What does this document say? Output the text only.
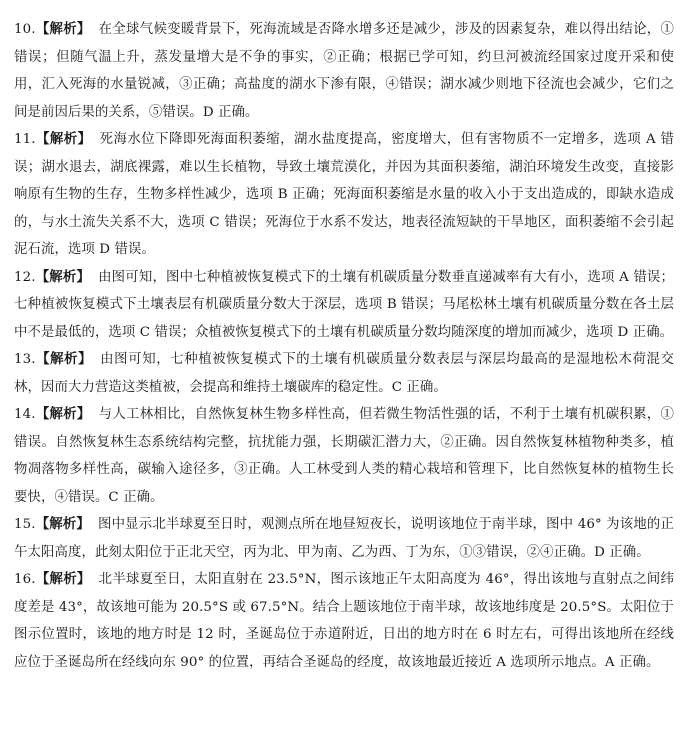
10.【解析】 在全球气候变暖背景下，死海流域是否降水增多还是减少，涉及的因素复杂，难以得出结论，①错误；但随气温上升，蒸发量增大是不争的事实，②正确；根据已学可知，约旦河被流经国家过度开采和使用，汇入死海的水量锐减，③正确；高盐度的湖水下渗有限，④错误；湖水减少则地下径流也会减少，它们之间是前因后果的关系，⑤错误。D 正确。

11.【解析】 死海水位下降即死海面积萎缩，湖水盐度提高，密度增大，但有害物质不一定增多，选项 A 错误；湖水退去，湖底裸露，难以生长植物，导致土壤荒漠化，并因为其面积萎缩，湖泊环境发生改变，直接影响原有生物的生存，生物多样性减少，选项 B 正确；死海面积萎缩是水量的收入小于支出造成的，即缺水造成的，与水土流失关系不大，选项 C 错误；死海位于水系不发达，地表径流短缺的干旱地区，面积萎缩不会引起泥石流，选项 D 错误。

12.【解析】 由图可知，图中七种植被恢复模式下的土壤有机碳质量分数垂直递减率有大有小，选项 A 错误；七种植被恢复模式下土壤表层有机碳质量分数大于深层，选项 B 错误；马尾松林土壤有机碳质量分数在各土层中不是最低的，选项 C 错误；众植被恢复模式下的土壤有机碳质量分数均随深度的增加而减少，选项 D 正确。

13.【解析】 由图可知，七种植被恢复模式下的土壤有机碳质量分数表层与深层均最高的是湿地松木荷混交林，因而大力营造这类植被，会提高和维持土壤碳库的稳定性。C 正确。

14.【解析】 与人工林相比，自然恢复林生物多样性高，但若微生物活性强的话，不利于土壤有机碳积累，①错误。自然恢复林生态系统结构完整，抗扰能力强，长期碳汇潜力大，②正确。因自然恢复林植物种类多，植物凋落物多样性高，碳输入途径多，③正确。人工林受到人类的精心栽培和管理下，比自然恢复林的植物生长要快，④错误。C 正确。

15.【解析】 图中显示北半球夏至日时，观测点所在地昼短夜长，说明该地位于南半球，图中 46° 为该地的正午太阳高度，此刻太阳位于正北天空，丙为北、甲为南、乙为西、丁为东，①③错误，②④正确。D 正确。

16.【解析】 北半球夏至日，太阳直射在 23.5°N，图示该地正午太阳高度为 46°，得出该地与直射点之间纬度差是 43°，故该地可能为 20.5°S 或 67.5°N。结合上题该地位于南半球，故该地纬度是 20.5°S。太阳位于图示位置时，该地的地方时是 12 时，圣诞岛位于赤道附近，日出的地方时在 6 时左右，可得出该地所在经线应位于圣诞岛所在经线向东 90° 的位置，再结合圣诞岛的经度，故该地最近接近 A 选项所示地点。A 正确。
